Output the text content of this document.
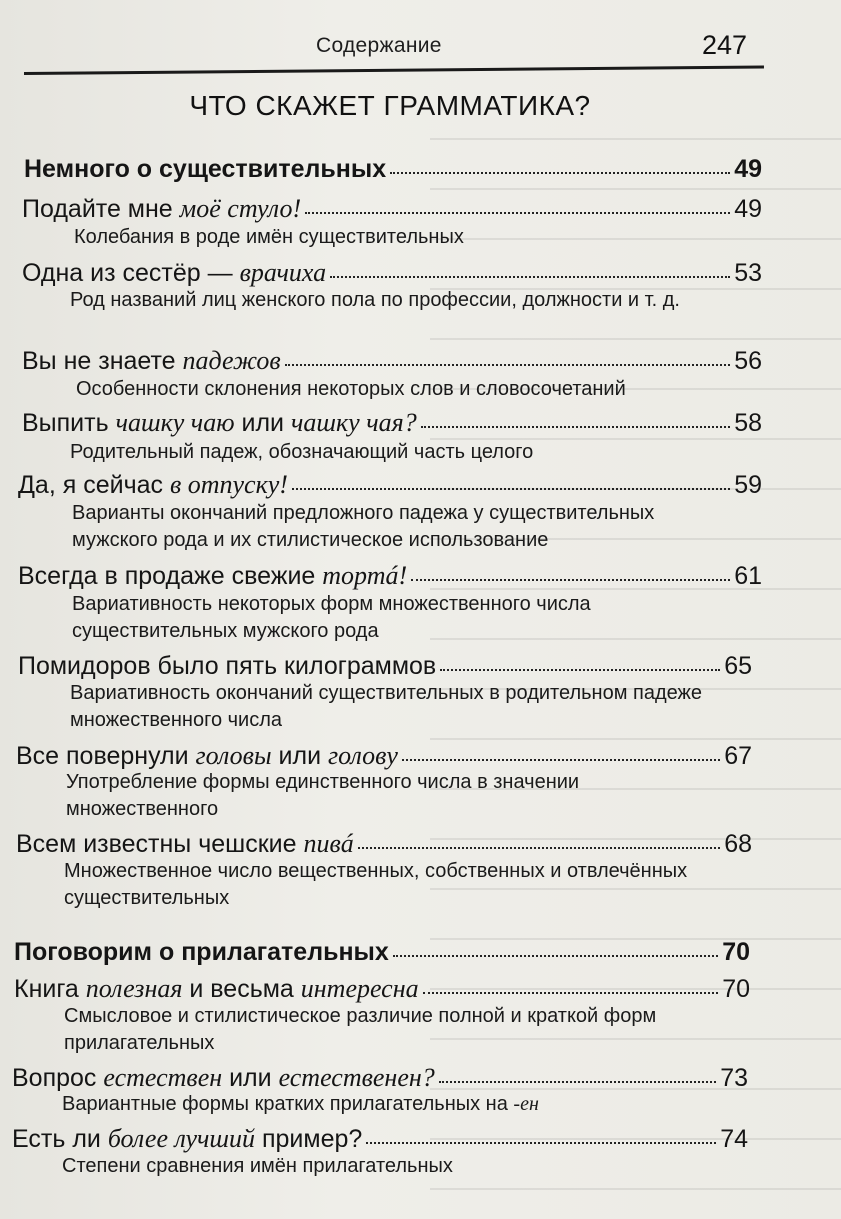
Содержание	247
ЧТО СКАЖЕТ ГРАММАТИКА?
Немного о существительных	49
Подайте мне моё стуло!	49
Колебания в роде имён существительных
Одна из сестёр — врачиха	53
Род названий лиц женского пола по профессии, должности и т. д.
Вы не знаете падежов	56
Особенности склонения некоторых слов и словосочетаний
Выпить чашку чаю или чашку чая?	58
Родительный падеж, обозначающий часть целого
Да, я сейчас в отпуску!	59
Варианты окончаний предложного падежа у существительных мужского рода и их стилистическое использование
Всегда в продаже свежие тортá!	61
Вариативность некоторых форм множественного числа существительных мужского рода
Помидоров было пять килограммов	65
Вариативность окончаний существительных в родительном падеже множественного числа
Все повернули головы или голову	67
Употребление формы единственного числа в значении множественного
Всем известны чешские пивá	68
Множественное число вещественных, собственных и отвлечённых существительных
Поговорим о прилагательных	70
Книга полезная и весьма интересна	70
Смысловое и стилистическое различие полной и краткой форм прилагательных
Вопрос естествен или естественен?	73
Вариантные формы кратких прилагательных на -ен
Есть ли более лучший пример?	74
Степени сравнения имён прилагательных
